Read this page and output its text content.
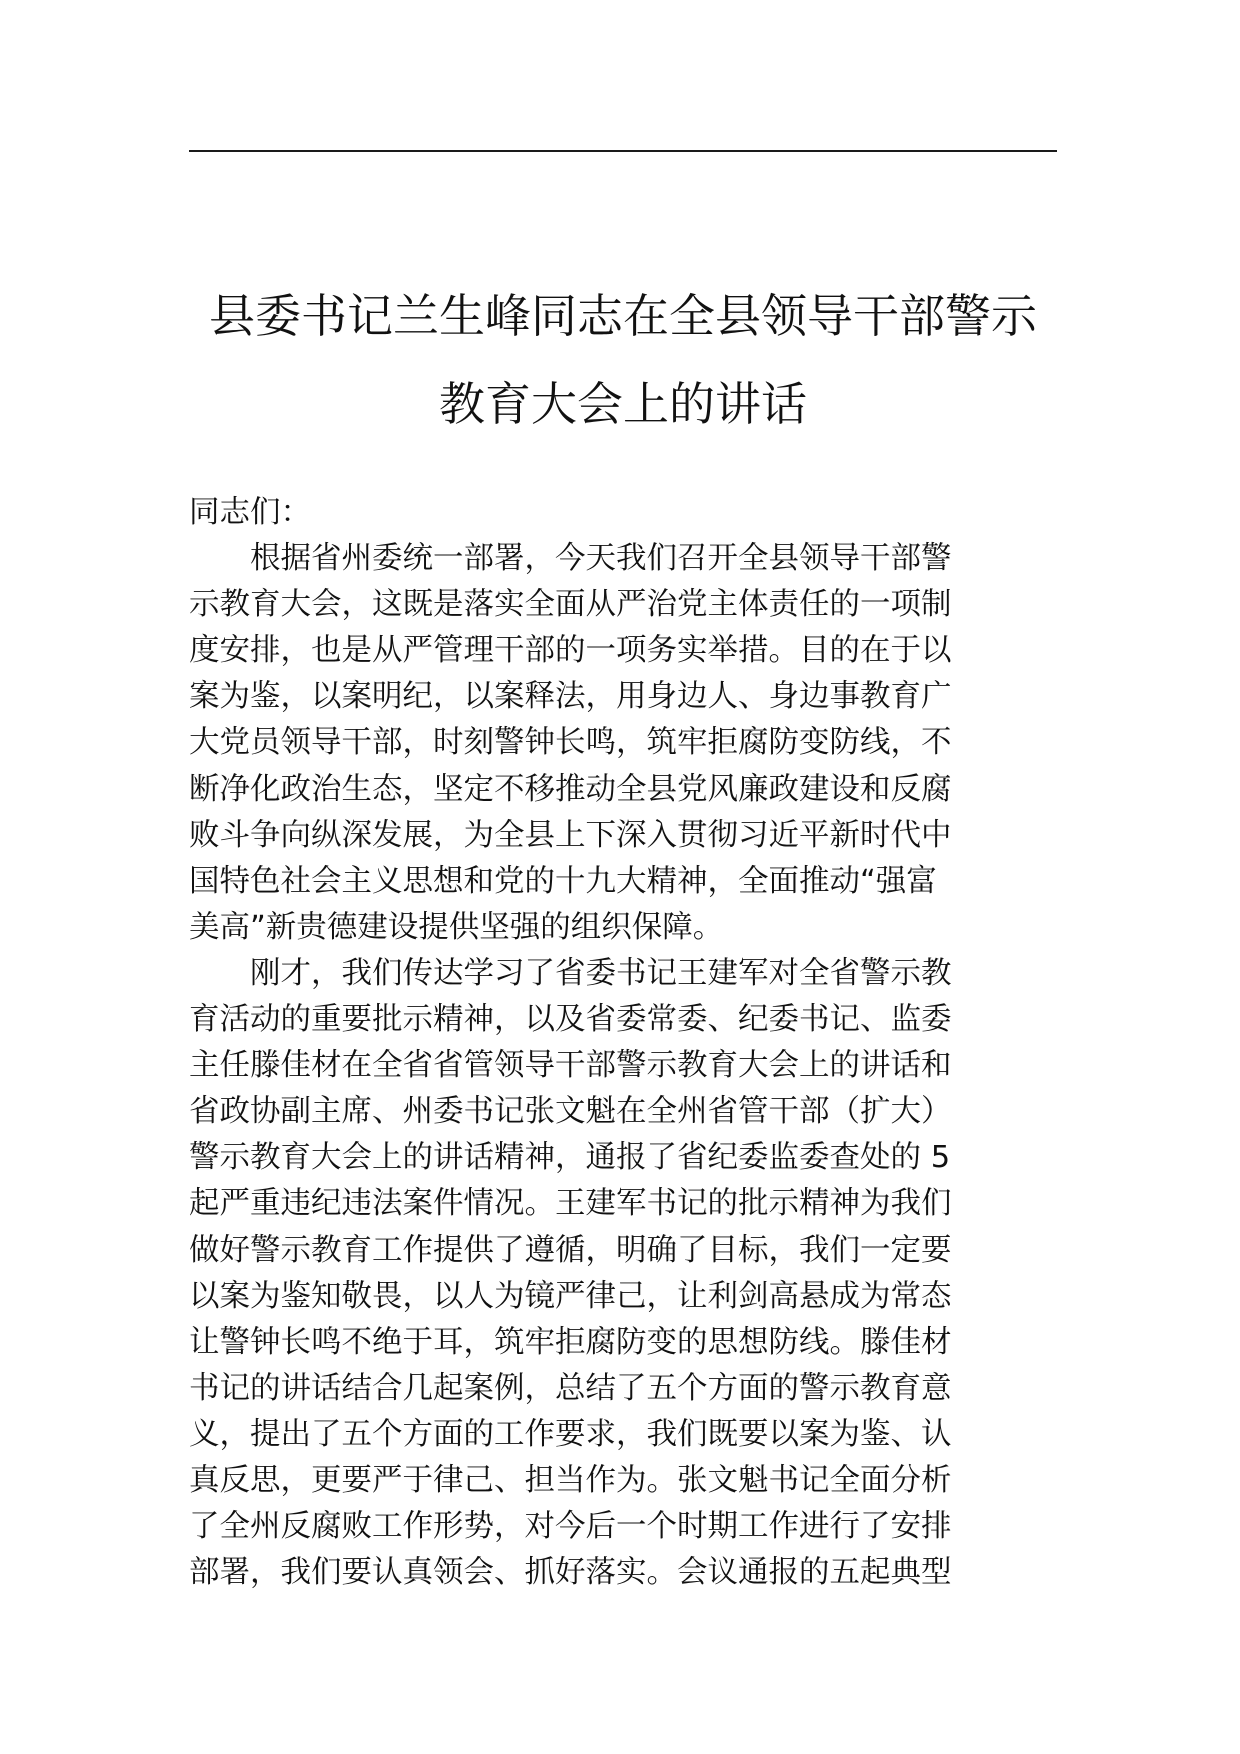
县委书记兰生峰同志在全县领导干部警示
教育大会上的讲话
同志们：
　　根据省州委统一部署，今天我们召开全县领导干部警
示教育大会，这既是落实全面从严治党主体责任的一项制
度安排，也是从严管理干部的一项务实举措。目的在于以
案为鉴，以案明纪，以案释法，用身边人、身边事教育广
大党员领导干部，时刻警钟长鸣，筑牢拒腐防变防线，不
断净化政治生态，坚定不移推动全县党风廉政建设和反腐
败斗争向纵深发展，为全县上下深入贯彻习近平新时代中
国特色社会主义思想和党的十九大精神，全面推动“强富
美高”新贵德建设提供坚强的组织保障。
　　刚才，我们传达学习了省委书记王建军对全省警示教
育活动的重要批示精神，以及省委常委、纪委书记、监委
主任滕佳材在全省省管领导干部警示教育大会上的讲话和
省政协副主席、州委书记张文魁在全州省管干部（扩大）
警示教育大会上的讲话精神，通报了省纪委监委查处的 5
起严重违纪违法案件情况。王建军书记的批示精神为我们
做好警示教育工作提供了遵循，明确了目标，我们一定要
以案为鉴知敬畏，以人为镜严律己，让利剑高悬成为常态
让警钟长鸣不绝于耳，筑牢拒腐防变的思想防线。滕佳材
书记的讲话结合几起案例，总结了五个方面的警示教育意
义，提出了五个方面的工作要求，我们既要以案为鉴、认
真反思，更要严于律己、担当作为。张文魁书记全面分析
了全州反腐败工作形势，对今后一个时期工作进行了安排
部署，我们要认真领会、抓好落实。会议通报的五起典型
